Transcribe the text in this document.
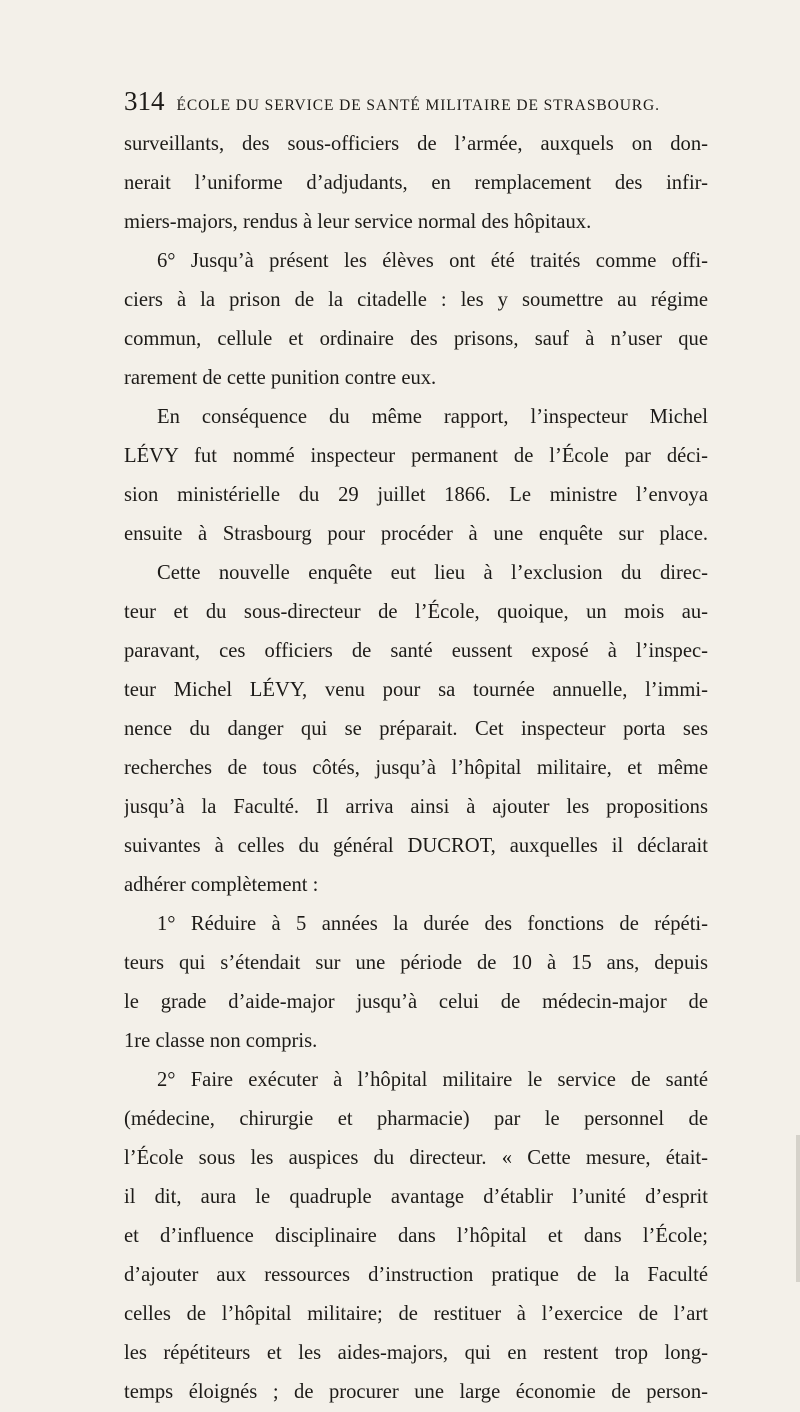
314 ÉCOLE DU SERVICE DE SANTÉ MILITAIRE DE STRASBOURG.
surveillants, des sous-officiers de l’armée, auxquels on don-
nerait l’uniforme d’adjudants, en remplacement des infir-
miers-majors, rendus à leur service normal des hôpitaux.
6° Jusqu’à présent les élèves ont été traités comme offi-
ciers à la prison de la citadelle : les y soumettre au régime
commun, cellule et ordinaire des prisons, sauf à n’user que
rarement de cette punition contre eux.
En conséquence du même rapport, l’inspecteur Michel
LÉVY fut nommé inspecteur permanent de l’École par déci-
sion ministérielle du 29 juillet 1866. Le ministre l’envoya
ensuite à Strasbourg pour procéder à une enquête sur place.
Cette nouvelle enquête eut lieu à l’exclusion du direc-
teur et du sous-directeur de l’École, quoique, un mois au-
paravant, ces officiers de santé eussent exposé à l’inspec-
teur Michel LÉVY, venu pour sa tournée annuelle, l’immi-
nence du danger qui se préparait. Cet inspecteur porta ses
recherches de tous côtés, jusqu’à l’hôpital militaire, et même
jusqu’à la Faculté. Il arriva ainsi à ajouter les propositions
suivantes à celles du général DUCROT, auxquelles il déclarait
adhérer complètement :
1° Réduire à 5 années la durée des fonctions de répéti-
teurs qui s’étendait sur une période de 10 à 15 ans, depuis
le grade d’aide-major jusqu’à celui de médecin-major de
1re classe non compris.
2° Faire exécuter à l’hôpital militaire le service de santé
(médecine, chirurgie et pharmacie) par le personnel de
l’École sous les auspices du directeur. « Cette mesure, était-
il dit, aura le quadruple avantage d’établir l’unité d’esprit
et d’influence disciplinaire dans l’hôpital et dans l’École;
d’ajouter aux ressources d’instruction pratique de la Faculté
celles de l’hôpital militaire; de restituer à l’exercice de l’art
les répétiteurs et les aides-majors, qui en restent trop long-
temps éloignés ; de procurer une large économie de person-
